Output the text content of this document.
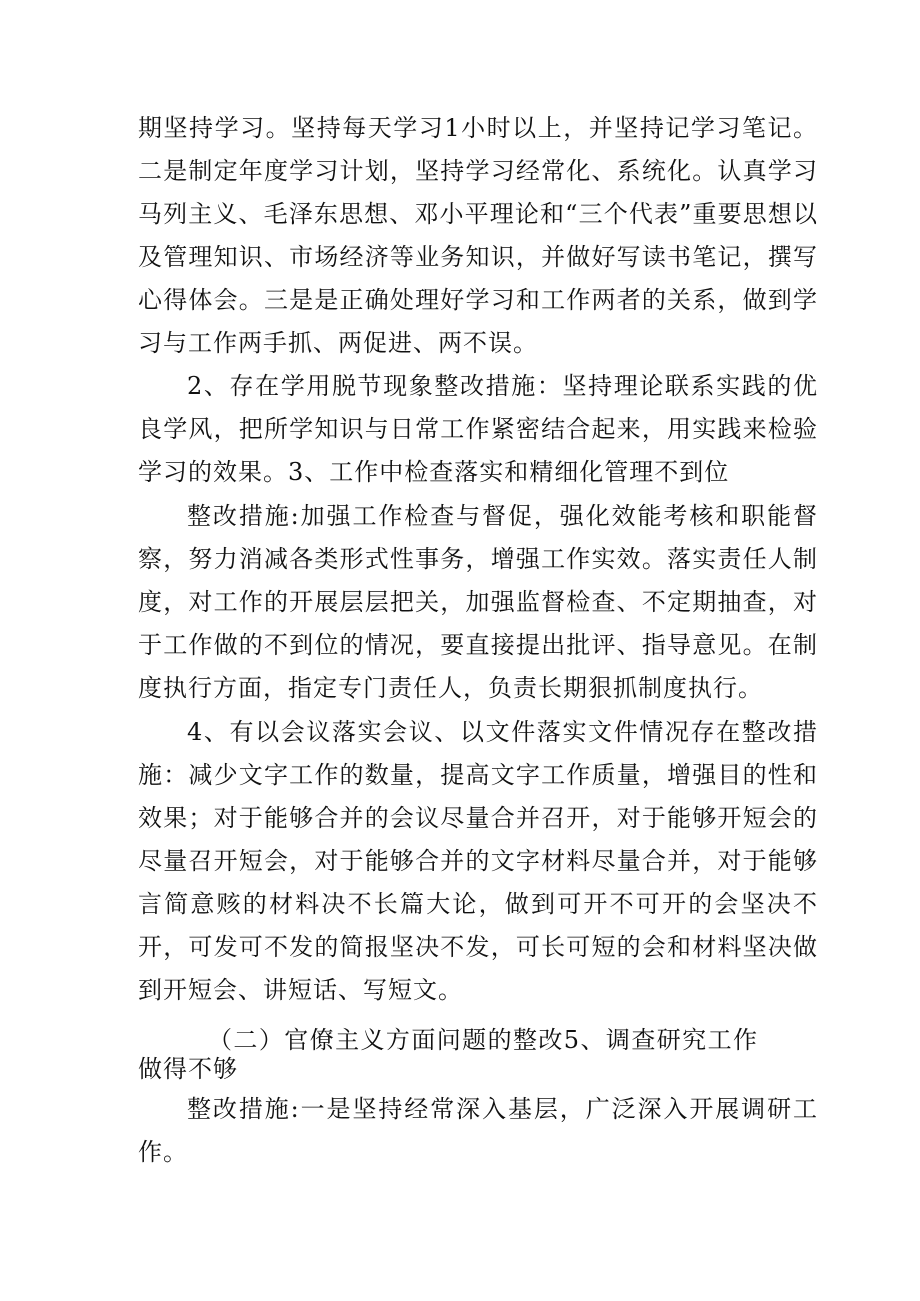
期坚持学习。坚持每天学习1小时以上，并坚持记学习笔记。二是制定年度学习计划，坚持学习经常化、系统化。认真学习马列主义、毛泽东思想、邓小平理论和“三个代表”重要思想以及管理知识、市场经济等业务知识，并做好写读书笔记，撰写心得体会。三是是正确处理好学习和工作两者的关系，做到学习与工作两手抓、两促进、两不误。

2、存在学用脱节现象整改措施：坚持理论联系实践的优良学风，把所学知识与日常工作紧密结合起来，用实践来检验学习的效果。3、工作中检查落实和精细化管理不到位

整改措施:加强工作检查与督促，强化效能考核和职能督察，努力消减各类形式性事务，增强工作实效。落实责任人制度，对工作的开展层层把关，加强监督检查、不定期抽查，对于工作做的不到位的情况，要直接提出批评、指导意见。在制度执行方面，指定专门责任人，负责长期狠抓制度执行。

4、有以会议落实会议、以文件落实文件情况存在整改措施：减少文字工作的数量，提高文字工作质量，增强目的性和效果；对于能够合并的会议尽量合并召开，对于能够开短会的尽量召开短会，对于能够合并的文字材料尽量合并，对于能够言简意赅的材料决不长篇大论，做到可开不可开的会坚决不开，可发可不发的简报坚决不发，可长可短的会和材料坚决做到开短会、讲短话、写短文。

（二）官僚主义方面问题的整改5、调查研究工作做得不够

整改措施:一是坚持经常深入基层，广泛深入开展调研工作。
